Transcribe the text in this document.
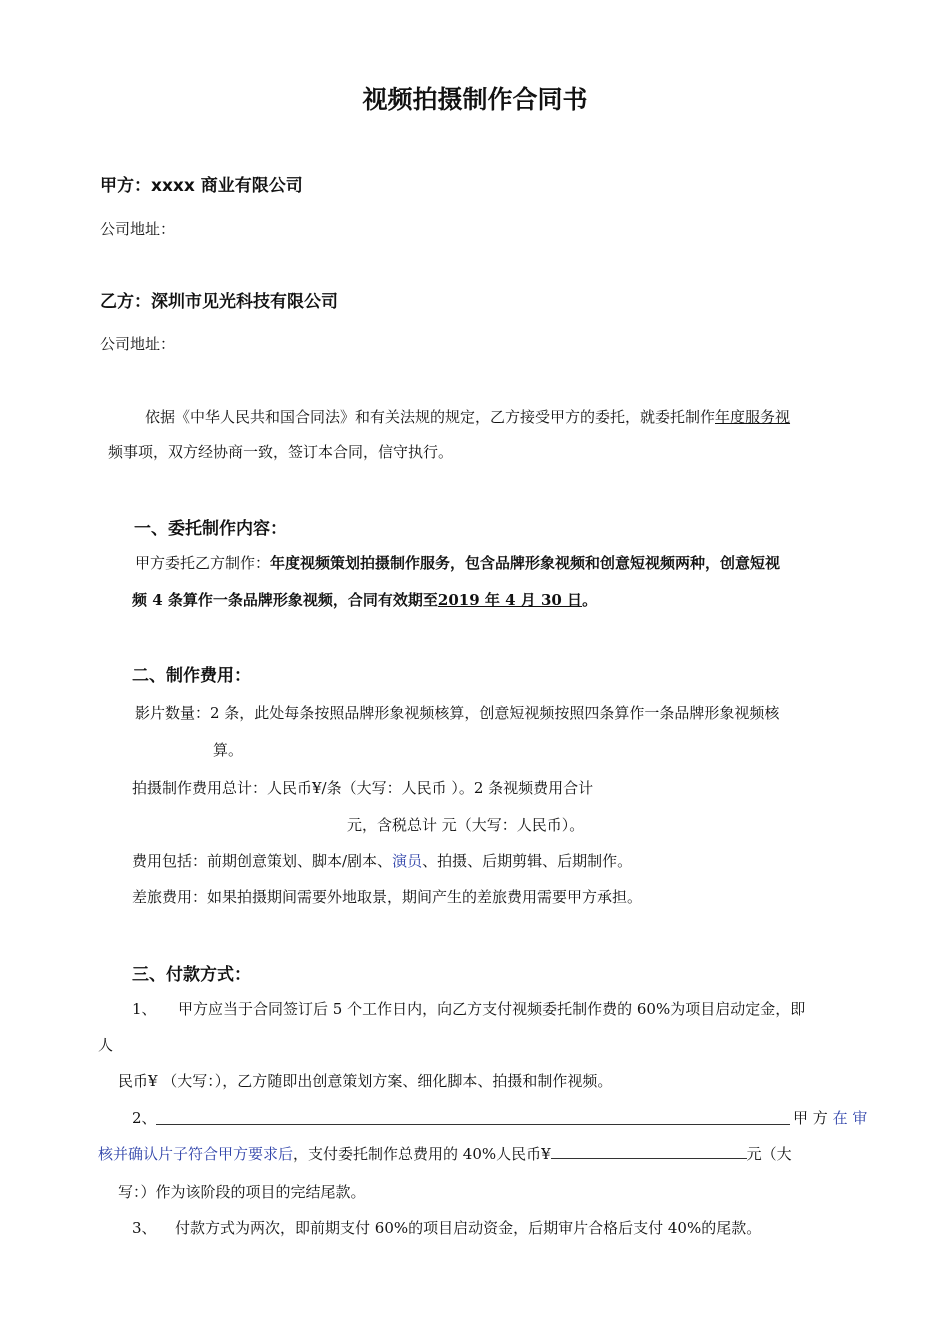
视频拍摄制作合同书
甲方：xxxx 商业有限公司
公司地址：
乙方：深圳市见光科技有限公司
公司地址：
依据《中华人民共和国合同法》和有关法规的规定，乙方接受甲方的委托，就委托制作年度服务视
频事项，双方经协商一致，签订本合同，信守执行。
一、委托制作内容：
甲方委托乙方制作：年度视频策划拍摄制作服务，包含品牌形象视频和创意短视频两种，创意短视
频 4 条算作一条品牌形象视频，合同有效期至2019 年 4 月 30 日。
二、制作费用：
影片数量：2 条，此处每条按照品牌形象视频核算，创意短视频按照四条算作一条品牌形象视频核
算。
拍摄制作费用总计：人民币¥/条（大写：人民币 ）。2 条视频费用合计
元，含税总计 元（大写：人民币）。
费用包括：前期创意策划、脚本/剧本、演员、拍摄、后期剪辑、后期制作。
差旅费用：如果拍摄期间需要外地取景，期间产生的差旅费用需要甲方承担。
三、付款方式：
1、 甲方应当于合同签订后 5 个工作日内，向乙方支付视频委托制作费的 60%为项目启动定金，即
人
民币¥ （大写：），乙方随即出创意策划方案、细化脚本、拍摄和制作视频。
2、	甲 方 在 审
核并确认片子符合甲方要求后，支付委托制作总费用的 40%人民币¥	元（大
写：）作为该阶段的项目的完结尾款。
3、 付款方式为两次，即前期支付 60%的项目启动资金，后期审片合格后支付 40%的尾款。
